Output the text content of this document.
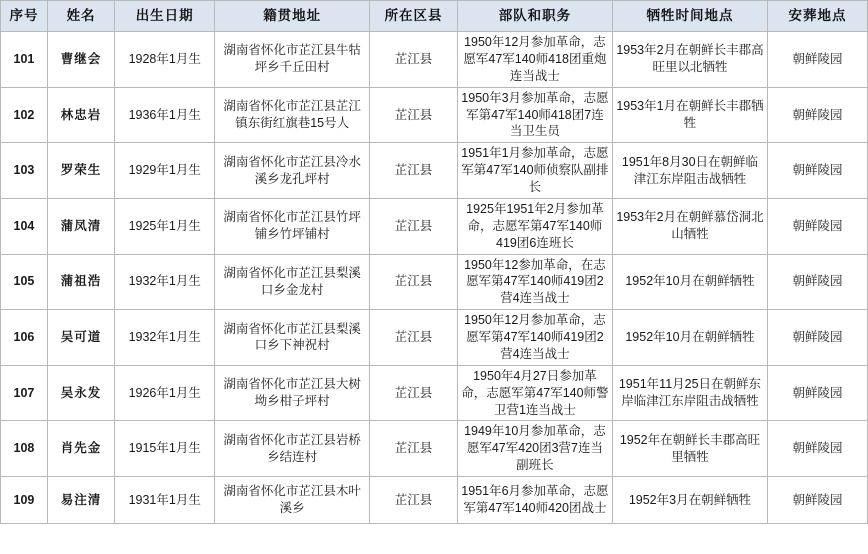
序号	姓名	出生日期	籍贯地址	所在区县	部队和职务	牺牲时间地点	安葬地点
101	曹继会	1928年1月生	湖南省怀化市芷江县牛牯坪乡千丘田村	芷江县	1950年12月参加革命，志愿军47军140师418团重炮连当战士	1953年2月在朝鲜长丰郡高旺里以北牺牲	朝鲜陵园
102	林忠岩	1936年1月生	湖南省怀化市芷江县芷江镇东街红旗巷15号人	芷江县	1950年3月参加革命，志愿军第47军140师418团7连当卫生员	1953年1月在朝鲜长丰郡牺牲	朝鲜陵园
103	罗荣生	1929年1月生	湖南省怀化市芷江县冷水溪乡龙孔坪村	芷江县	1951年1月参加革命，志愿军第47军140师侦察队副排长	1951年8月30日在朝鲜临津江东岸阻击战牺牲	朝鲜陵园
104	蒲凤清	1925年1月生	湖南省怀化市芷江县竹坪铺乡竹坪铺村	芷江县	1925年1951年2月参加革命，志愿军第47军140师419团6连班长	1953年2月在朝鲜慕岱洞北山牺牲	朝鲜陵园
105	蒲祖浩	1932年1月生	湖南省怀化市芷江县梨溪口乡金龙村	芷江县	1950年12参加革命，在志愿军第47军140师419团2营4连当战士	1952年10月在朝鲜牺牲	朝鲜陵园
106	吴可道	1932年1月生	湖南省怀化市芷江县梨溪口乡下神祝村	芷江县	1950年12月参加革命，志愿军第47军140师419团2营4连当战士	1952年10月在朝鲜牺牲	朝鲜陵园
107	吴永发	1926年1月生	湖南省怀化市芷江县大树坳乡柑子坪村	芷江县	1950年4月27日参加革命，志愿军第47军140师警卫营1连当战士	1951年11月25日在朝鲜东岸临津江东岸阻击战牺牲	朝鲜陵园
108	肖先金	1915年1月生	湖南省怀化市芷江县岩桥乡结连村	芷江县	1949年10月参加革命，志愿军47军420团3营7连当副班长	1952年在朝鲜长丰郡高旺里牺牲	朝鲜陵园
109	易注清	1931年1月生	湖南省怀化市芷江县木叶溪乡	芷江县	1951年6月参加革命，志愿军第47军140师420团战士	1952年3月在朝鲜牺牲	朝鲜陵园
